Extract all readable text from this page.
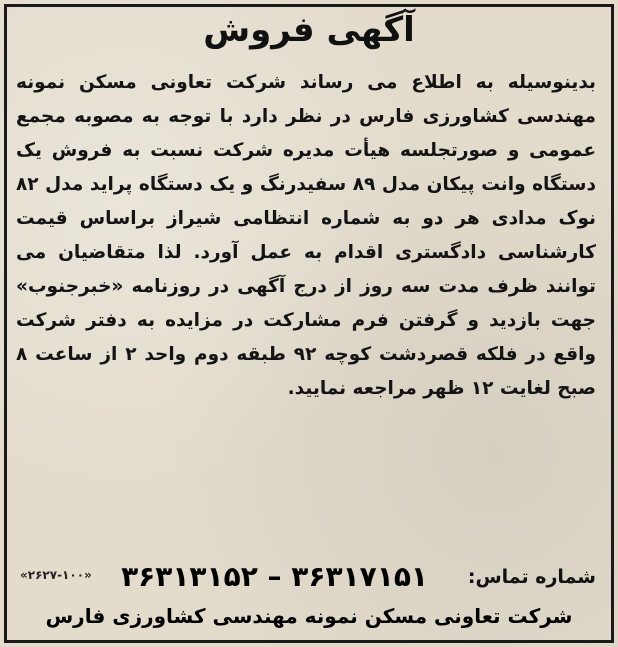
آگهی فروش
بدینوسیله به اطلاع می رساند شرکت تعاونی مسکن نمونه مهندسی کشاورزی فارس در نظر دارد با توجه به مصوبه مجمع عمومی و صورتجلسه هیأت مدیره شرکت نسبت به فروش یک دستگاه وانت پیکان مدل ۸۹ سفیدرنگ و یک دستگاه پراید مدل ۸۲ نوک مدادی هر دو به شماره انتظامی شیراز براساس قیمت کارشناسی دادگستری اقدام به عمل آورد. لذا متقاضیان می توانند ظرف مدت سه روز از درج آگهی در روزنامه «خبرجنوب» جهت بازدید و گرفتن فرم مشارکت در مزایده به دفتر شرکت واقع در فلکه قصردشت کوچه ۹۲ طبقه دوم واحد ۲ از ساعت ۸ صبح لغایت ۱۲ ظهر مراجعه نمایید.
شماره تماس:
۳۶۳۱۷۱۵۱ – ۳۶۳۱۳۱۵۲
«۲۶۲۷-۱۰۰»
شرکت تعاونی مسکن نمونه مهندسی کشاورزی فارس
